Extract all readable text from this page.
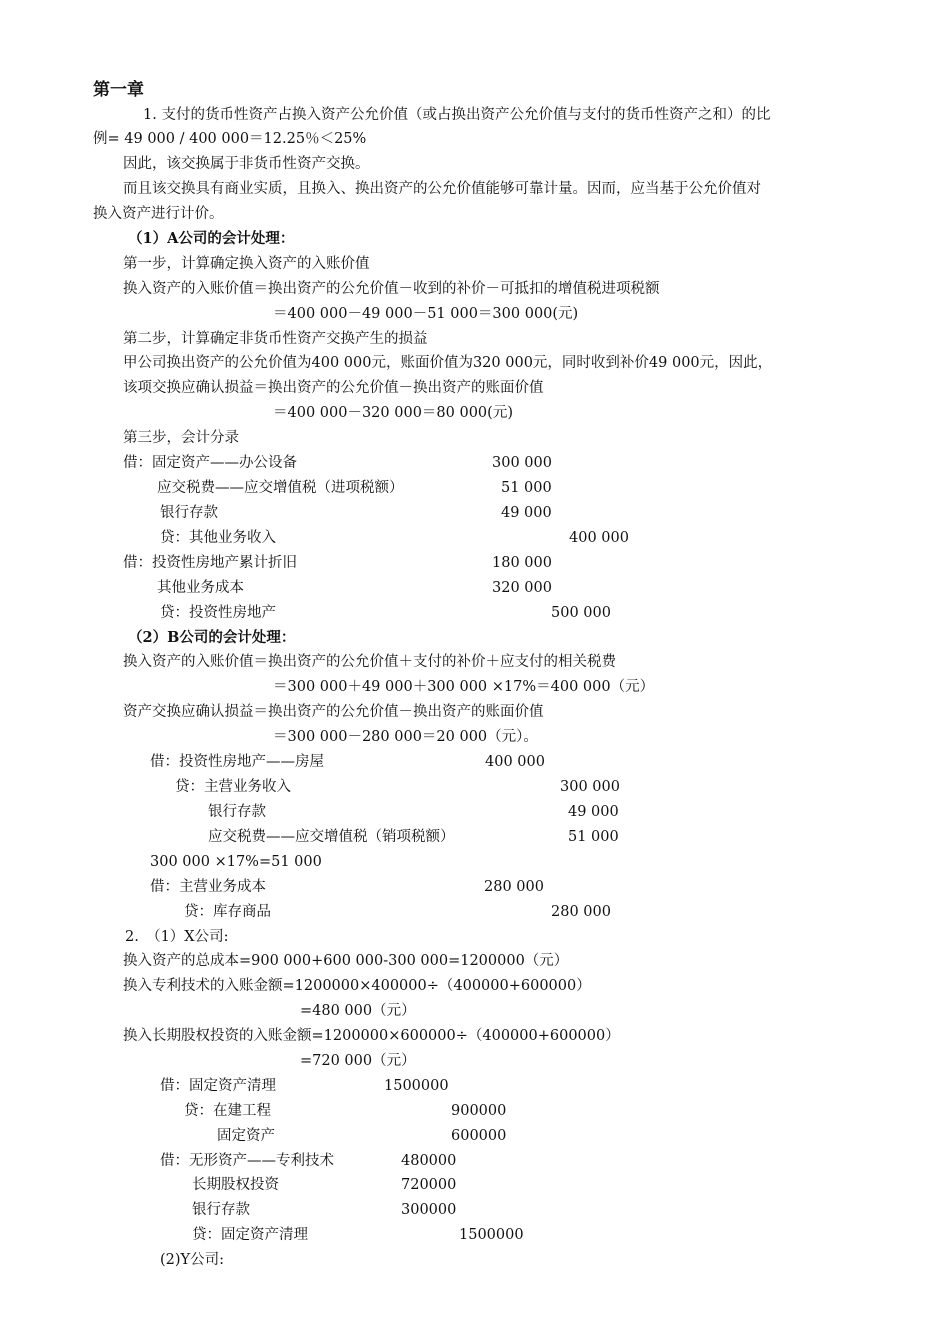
第一章
1. 支付的货币性资产占换入资产公允价值（或占换出资产公允价值与支付的货币性资产之和）的比
例= 49 000 / 400 000＝12.25％＜25%
因此，该交换属于非货币性资产交换。
而且该交换具有商业实质，且换入、换出资产的公允价值能够可靠计量。因而，应当基于公允价值对
换入资产进行计价。
（1）A公司的会计处理：
第一步，计算确定换入资产的入账价值
换入资产的入账价值＝换出资产的公允价值－收到的补价－可抵扣的增值税进项税额
＝400 000－49 000－51 000＝300 000(元)
第二步，计算确定非货币性资产交换产生的损益
甲公司换出资产的公允价值为400 000元，账面价值为320 000元，同时收到补价49 000元，因此，
该项交换应确认损益＝换出资产的公允价值－换出资产的账面价值
＝400 000－320 000＝80 000(元)
第三步，会计分录
借：固定资产——办公设备	300 000
应交税费——应交增值税（进项税额）	51 000
银行存款	49 000
贷：其他业务收入	400 000
借：投资性房地产累计折旧	180 000
其他业务成本	320 000
贷：投资性房地产	500 000
（2）B公司的会计处理：
换入资产的入账价值＝换出资产的公允价值＋支付的补价＋应支付的相关税费
＝300 000＋49 000＋300 000 ×17%＝400 000（元）
资产交换应确认损益＝换出资产的公允价值－换出资产的账面价值
＝300 000－280 000＝20 000（元）。
借：投资性房地产——房屋	400 000
贷：主营业务收入	300 000
银行存款	49 000
应交税费——应交增值税（销项税额）	51 000
300 000 ×17%=51 000
借：主营业务成本	280 000
贷：库存商品	280 000
2.　（1）X公司:
换入资产的总成本=900 000+600 000-300 000=1200000（元）
换入专利技术的入账金额=1200000×400000÷（400000+600000）
=480 000（元）
换入长期股权投资的入账金额=1200000×600000÷（400000+600000）
=720 000（元）
借：固定资产清理	1500000
贷：在建工程	900000
固定资产	600000
借：无形资产——专利技术	480000
长期股权投资	720000
银行存款	300000
贷：固定资产清理	1500000
(2)Y公司:
